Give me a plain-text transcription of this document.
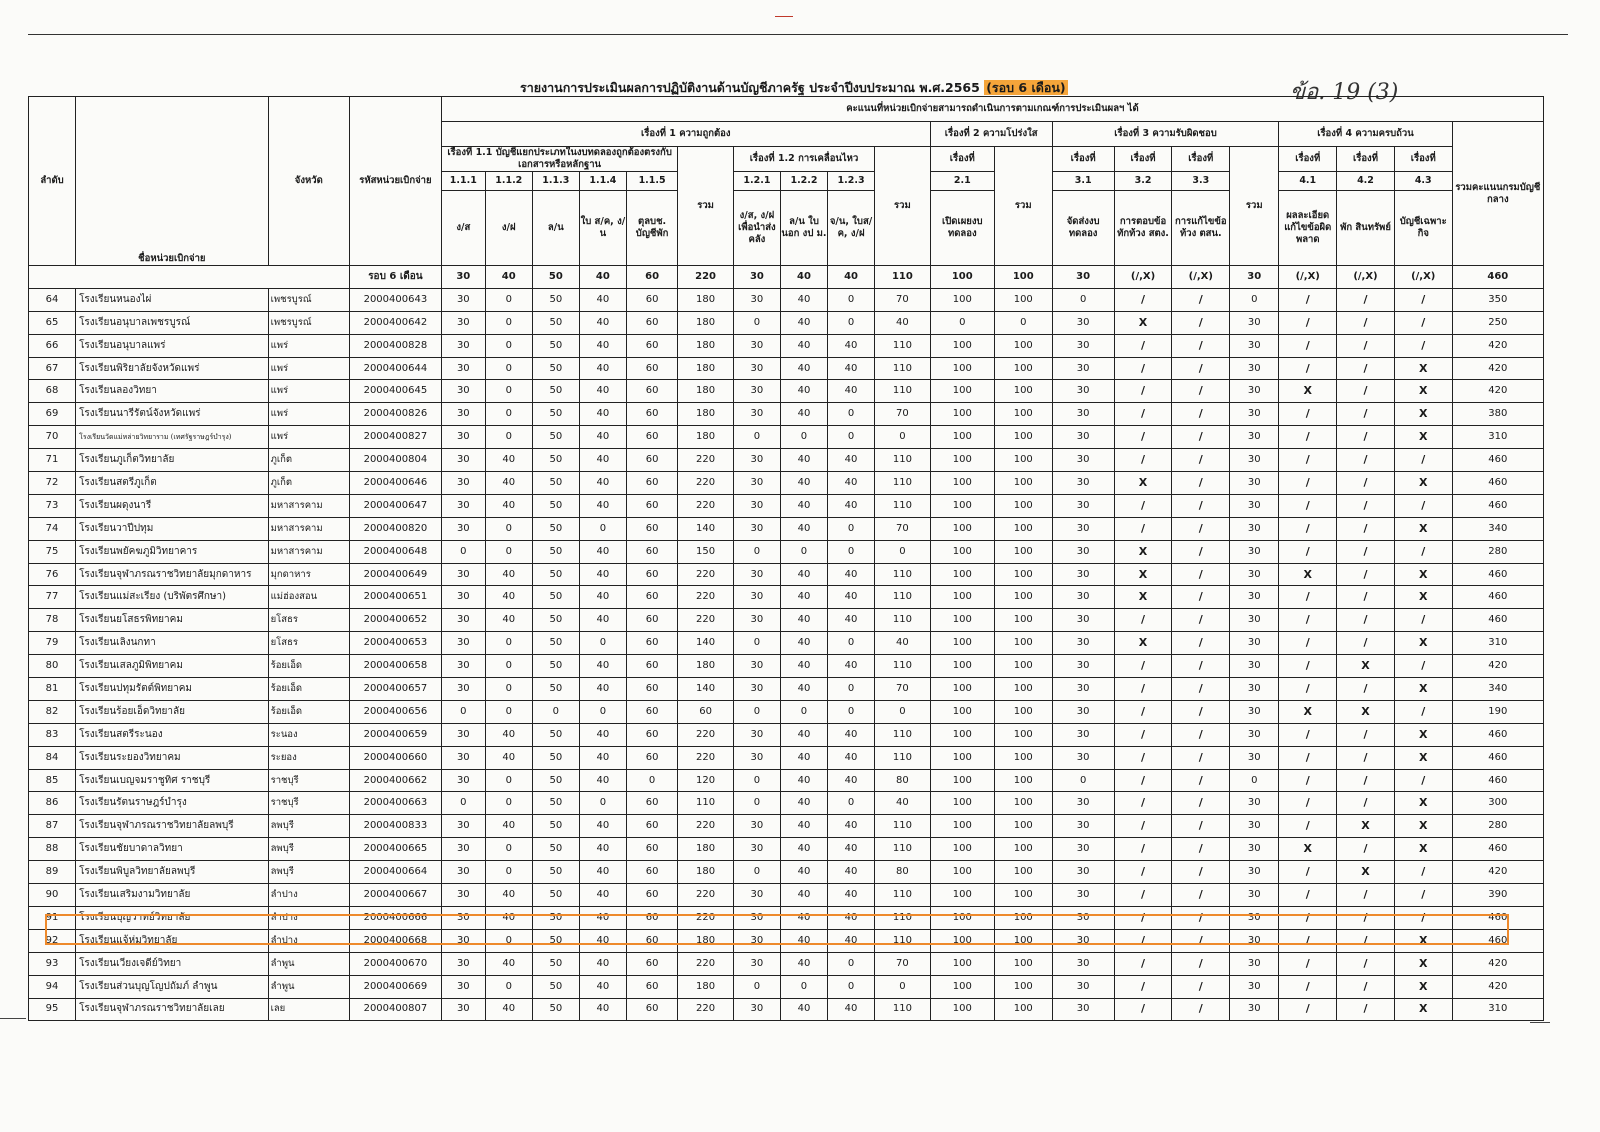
รายงานการประเมินผลการปฏิบัติงานด้านบัญชีภาครัฐ ประจำปีงบประมาณ พ.ศ.2565 (รอบ 6 เดือน)	ข้อ. 19 (3)
ลำดับ	ชื่อหน่วยเบิกจ่าย	จังหวัด	รหัสหน่วยเบิกจ่าย	คะแนนที่หน่วยเบิกจ่ายสามารถดำเนินการตามเกณฑ์การประเมินผลฯ ได้																			
				เรื่องที่ 1 ความถูกต้อง										เรื่องที่ 2 ความโปร่งใส		เรื่องที่ 3 ความรับผิดชอบ				เรื่องที่ 4 ความครบถ้วน			รวมคะแนนกรมบัญชีกลาง
				เรื่องที่ 1.1 บัญชีแยกประเภทในงบทดลองถูกต้องตรงกับเอกสารหรือหลักฐาน					รวม	เรื่องที่ 1.2 การเคลื่อนไหว			รวม	เรื่องที่	รวม	เรื่องที่	เรื่องที่	เรื่องที่	รวม	เรื่องที่	เรื่องที่	เรื่องที่	
				1.1.1	1.1.2	1.1.3	1.1.4	1.1.5		1.2.1	1.2.2	1.2.3		2.1		3.1	3.2	3.3		4.1	4.2	4.3	
				ง/ส	ง/ฝ	ล/น	ใบ ส/ค, ง/น	ตุลบช. บัญชีพัก		ง/ส, ง/ฝ เพื่อนำส่งคลัง	ล/น ใบนอก งป ม.	จ/น, ใบส/ค, ง/ฝ		เปิดเผยงบทดลอง		จัดส่งงบทดลอง	การตอบข้อทักท้วง สตง.	การแก้ไขข้อท้วง ตสน.		ผลละเอียดแก้ไขข้อผิดพลาด	พัก สินทรัพย์	บัญชีเฉพาะกิจ	
			รอบ 6 เดือน	30	40	50	40	60	220	30	40	40	110	100	100	30	(/,X)	(/,X)	30	(/,X)	(/,X)	(/,X)	460
64	โรงเรียนหนองไผ่	เพชรบูรณ์	2000400643	30	0	50	40	60	180	30	40	0	70	100	100	0	/	/	0	/	/	/	350
65	โรงเรียนอนุบาลเพชรบูรณ์	เพชรบูรณ์	2000400642	30	0	50	40	60	180	0	40	0	40	0	0	30	X	/	30	/	/	/	250
66	โรงเรียนอนุบาลแพร่	แพร่	2000400828	30	0	50	40	60	180	30	40	40	110	100	100	30	/	/	30	/	/	/	420
67	โรงเรียนพิริยาลัยจังหวัดแพร่	แพร่	2000400644	30	0	50	40	60	180	30	40	40	110	100	100	30	/	/	30	/	/	X	420
68	โรงเรียนลองวิทยา	แพร่	2000400645	30	0	50	40	60	180	30	40	40	110	100	100	30	/	/	30	X	/	X	420
69	โรงเรียนนารีรัตน์จังหวัดแพร่	แพร่	2000400826	30	0	50	40	60	180	30	40	0	70	100	100	30	/	/	30	/	/	X	380
70	โรงเรียนวัดแม่หล่ายวิทยาราม (เทศรัฐราษฎร์บำรุง)	แพร่	2000400827	30	0	50	40	60	180	0	0	0	0	100	100	30	/	/	30	/	/	X	310
71	โรงเรียนภูเก็ตวิทยาลัย	ภูเก็ต	2000400804	30	40	50	40	60	220	30	40	40	110	100	100	30	/	/	30	/	/	/	460
72	โรงเรียนสตรีภูเก็ต	ภูเก็ต	2000400646	30	40	50	40	60	220	30	40	40	110	100	100	30	X	/	30	/	/	X	460
73	โรงเรียนผดุงนารี	มหาสารคาม	2000400647	30	40	50	40	60	220	30	40	40	110	100	100	30	/	/	30	/	/	/	460
74	โรงเรียนวาปีปทุม	มหาสารคาม	2000400820	30	0	50	0	60	140	30	40	0	70	100	100	30	/	/	30	/	/	X	340
75	โรงเรียนพยัคฆภูมิวิทยาคาร	มหาสารคาม	2000400648	0	0	50	40	60	150	0	0	0	0	100	100	30	X	/	30	/	/	/	280
76	โรงเรียนจุฬาภรณราชวิทยาลัยมุกดาหาร	มุกดาหาร	2000400649	30	40	50	40	60	220	30	40	40	110	100	100	30	X	/	30	X	/	X	460
77	โรงเรียนแม่สะเรียง (บริพัตรศึกษา)	แม่ฮ่องสอน	2000400651	30	40	50	40	60	220	30	40	40	110	100	100	30	X	/	30	/	/	X	460
78	โรงเรียนยโสธรพิทยาคม	ยโสธร	2000400652	30	40	50	40	60	220	30	40	40	110	100	100	30	/	/	30	/	/	/	460
79	โรงเรียนเลิงนกทา	ยโสธร	2000400653	30	0	50	0	60	140	0	40	0	40	100	100	30	X	/	30	/	/	X	310
80	โรงเรียนเสลภูมิพิทยาคม	ร้อยเอ็ด	2000400658	30	0	50	40	60	180	30	40	40	110	100	100	30	/	/	30	/	X	/	420
81	โรงเรียนปทุมรัตต์พิทยาคม	ร้อยเอ็ด	2000400657	30	0	50	40	60	140	30	40	0	70	100	100	30	/	/	30	/	/	X	340
82	โรงเรียนร้อยเอ็ดวิทยาลัย	ร้อยเอ็ด	2000400656	0	0	0	0	60	60	0	0	0	0	100	100	30	/	/	30	X	X	/	190
83	โรงเรียนสตรีระนอง	ระนอง	2000400659	30	40	50	40	60	220	30	40	40	110	100	100	30	/	/	30	/	/	X	460
84	โรงเรียนระยองวิทยาคม	ระยอง	2000400660	30	40	50	40	60	220	30	40	40	110	100	100	30	/	/	30	/	/	X	460
85	โรงเรียนเบญจมราชูทิศ ราชบุรี	ราชบุรี	2000400662	30	0	50	40	0	120	0	40	40	80	100	100	0	/	/	0	/	/	/	460
86	โรงเรียนรัตนราษฎร์บำรุง	ราชบุรี	2000400663	0	0	50	0	60	110	0	40	0	40	100	100	30	/	/	30	/	/	X	300
87	โรงเรียนจุฬาภรณราชวิทยาลัยลพบุรี	ลพบุรี	2000400833	30	40	50	40	60	220	30	40	40	110	100	100	30	/	/	30	/	X	X	280
88	โรงเรียนชัยบาดาลวิทยา	ลพบุรี	2000400665	30	0	50	40	60	180	30	40	40	110	100	100	30	/	/	30	X	/	X	460
89	โรงเรียนพิบูลวิทยาลัยลพบุรี	ลพบุรี	2000400664	30	0	50	40	60	180	0	40	40	80	100	100	30	/	/	30	/	X	/	420
90	โรงเรียนเสริมงามวิทยาลัย	ลำปาง	2000400667	30	40	50	40	60	220	30	40	40	110	100	100	30	/	/	30	/	/	/	390
91	โรงเรียนบุญวาทย์วิทยาลัย	ลำปาง	2000400666	30	40	50	40	60	220	30	40	40	110	100	100	30	/	/	30	/	/	/	460
92	โรงเรียนแจ้ห่มวิทยาลัย	ลำปาง	2000400668	30	0	50	40	60	180	30	40	40	110	100	100	30	/	/	30	/	/	X	460
93	โรงเรียนเวียงเจดีย์วิทยา	ลำพูน	2000400670	30	40	50	40	60	220	30	40	0	70	100	100	30	/	/	30	/	/	X	420
94	โรงเรียนส่วนบุญโญปถัมภ์ ลำพูน	ลำพูน	2000400669	30	0	50	40	60	180	0	0	0	0	100	100	30	/	/	30	/	/	X	420
95	โรงเรียนจุฬาภรณราชวิทยาลัยเลย	เลย	2000400807	30	40	50	40	60	220	30	40	40	110	100	100	30	/	/	30	/	/	X	310
